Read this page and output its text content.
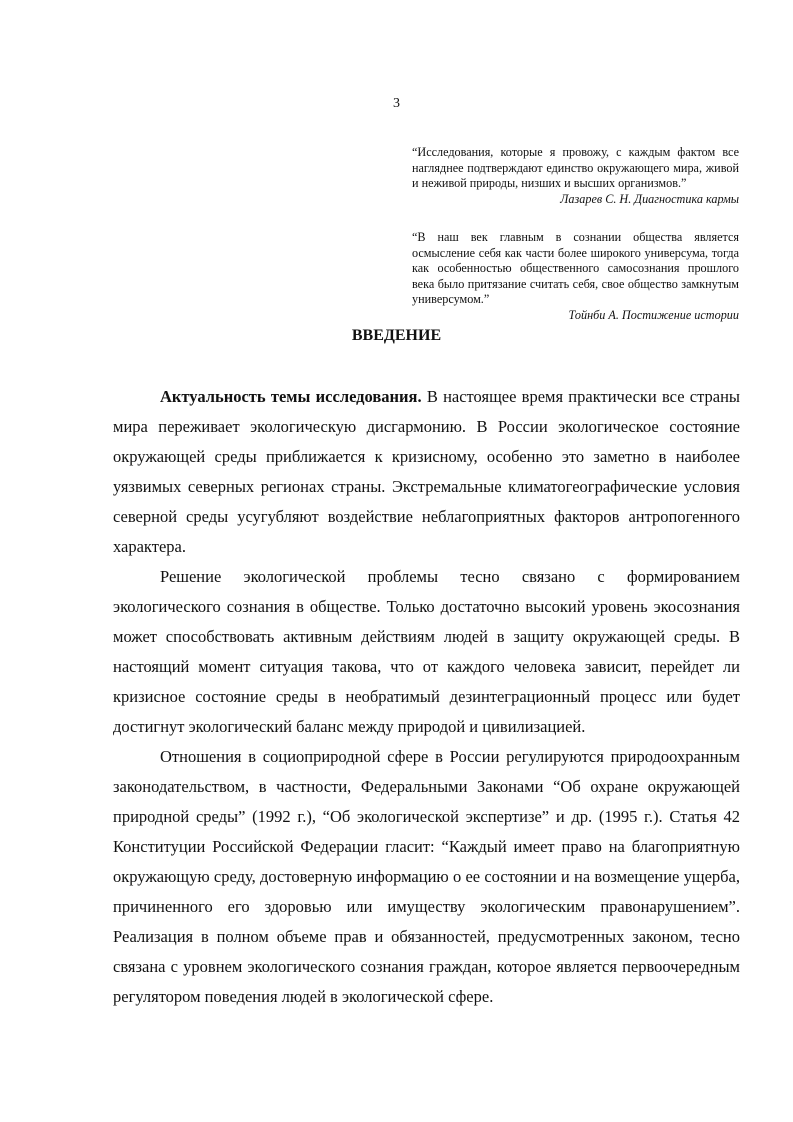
3
“Исследования, которые я провожу, с каждым фактом все нагляднее подтверждают единство окружающего мира, живой и неживой природы, низших и высших организмов.”
Лазарев С. Н. Диагностика кармы
“В наш век главным в сознании общества является осмысление себя как части более широкого универсума, тогда как особенностью общественного самосознания прошлого века было притязание считать себя, свое общество замкнутым универсумом.”
Тойнби А. Постижение истории
ВВЕДЕНИЕ

Актуальность темы исследования. В настоящее время практически все страны мира переживает экологическую дисгармонию. В России экологическое состояние окружающей среды приближается к кризисному, особенно это заметно в наиболее уязвимых северных регионах страны. Экстремальные климатогеографические условия северной среды усугубляют воздействие неблагоприятных факторов антропогенного характера.

Решение экологической проблемы тесно связано с формированием экологического сознания в обществе. Только достаточно высокий уровень экосознания может способствовать активным действиям людей в защиту окружающей среды. В настоящий момент ситуация такова, что от каждого человека зависит, перейдет ли кризисное состояние среды в необратимый дезинтеграционный процесс или будет достигнут экологический баланс между природой и цивилизацией.

Отношения в социоприродной сфере в России регулируются природоохранным законодательством, в частности, Федеральными Законами “Об охране окружающей природной среды” (1992 г.), “Об экологической экспертизе” и др. (1995 г.). Статья 42 Конституции Российской Федерации гласит: “Каждый имеет право на благоприятную окружающую среду, достоверную информацию о ее состоянии и на возмещение ущерба, причиненного его здоровью или имуществу экологическим правонарушением”. Реализация в полном объеме прав и обязанностей, предусмотренных законом, тесно связана с уровнем экологического сознания граждан, которое является первоочередным регулятором поведения людей в экологической сфере.
